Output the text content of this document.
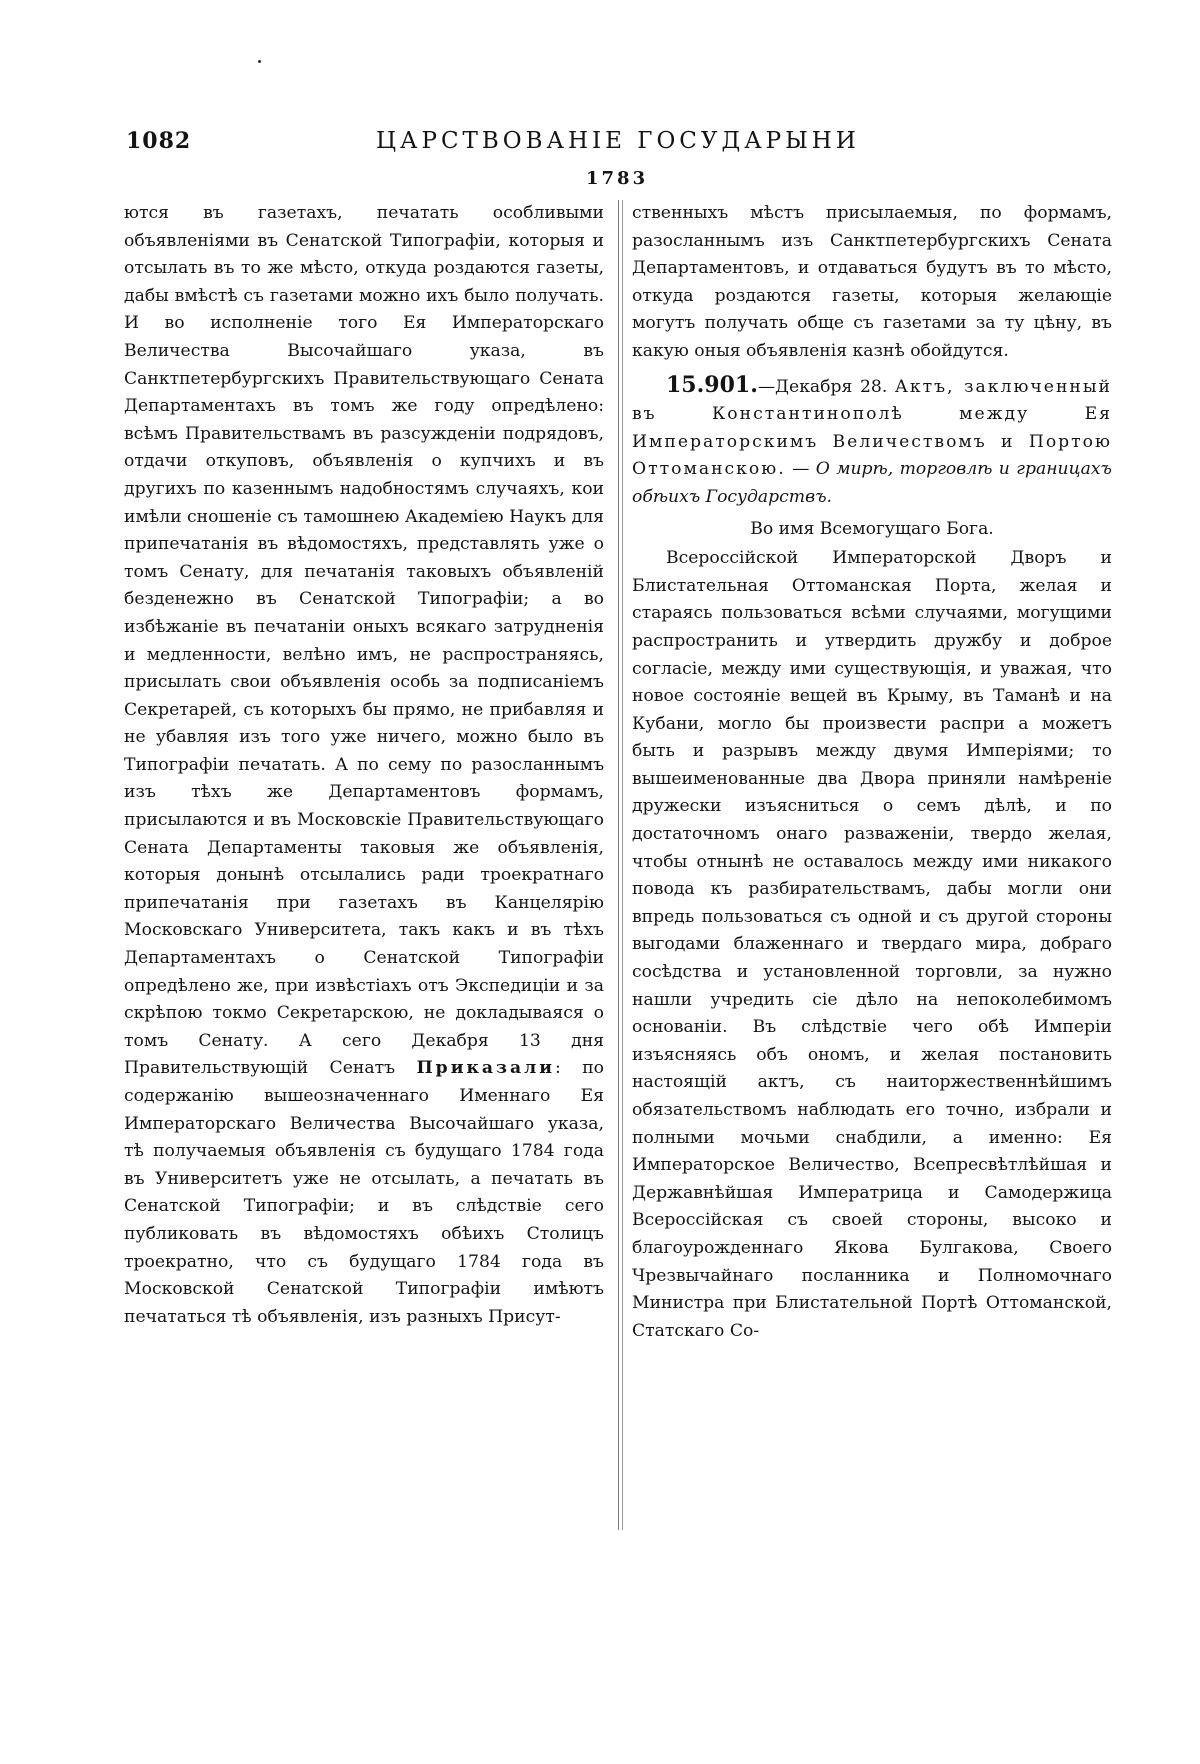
1082	ЦАРСТВОВАНІЕ ГОСУДАРЫНИ
1783

ются въ газетахъ, печатать особливыми объявленіями въ Сенатской Типографіи, которыя и отсылать въ то же мѣсто, откуда роздаются газеты, дабы вмѣстѣ съ газетами можно ихъ было получать. И во исполненіе того Ея Императорскаго Величества Высочайшаго указа, въ Санктпетербургскихъ Правительствующаго Сената Департаментахъ въ томъ же году опредѣлено: всѣмъ Правительствамъ въ разсужденіи подрядовъ, отдачи откуповъ, объявленія о купчихъ и въ другихъ по казеннымъ надобностямъ случаяхъ, кои имѣли сношеніе съ тамошнею Академіею Наукъ для припечатанія въ вѣдомостяхъ, представлять уже о томъ Сенату, для печатанія таковыхъ объявленій безденежно въ Сенатской Типографіи; а во избѣжаніе въ печатаніи оныхъ всякаго затрудненія и медленности, велѣно имъ, не распространяясь, присылать свои объявленія особь за подписаніемъ Секретарей, съ которыхъ бы прямо, не прибавляя и не убавляя изъ того уже ничего, можно было въ Типографіи печатать. А по сему по разосланнымъ изъ тѣхъ же Департаментовъ формамъ, присылаются и въ Московскіе Правительствующаго Сената Департаменты таковыя же объявленія, которыя донынѣ отсылались ради троекратнаго припечатанія при газетахъ въ Канцелярію Московскаго Университета, такъ какъ и въ тѣхъ Департаментахъ о Сенатской Типографіи опредѣлено же, при извѣстіахъ отъ Экспедиціи и за скрѣпою токмо Секретарскою, не докладываяся о томъ Сенату. А сего Декабря 13 дня Правительствующій Сенатъ Приказали: по содержанію вышеозначеннаго Именнаго Ея Императорскаго Величества Высочайшаго указа, тѣ получаемыя объявленія съ будущаго 1784 года въ Университетъ уже не отсылать, а печатать въ Сенатской Типографіи; и въ слѣдствіе сего публиковать въ вѣдомостяхъ обѣихъ Столицъ троекратно, что съ будущаго 1784 года въ Московской Сенатской Типографіи имѣютъ печататься тѣ объявленія, изъ разныхъ Присут-

ственныхъ мѣстъ присылаемыя, по формамъ, разосланнымъ изъ Санктпетербургскихъ Сената Департаментовъ, и отдаваться будутъ въ то мѣсто, откуда роздаются газеты, которыя желающіе могутъ получать обще съ газетами за ту цѣну, въ какую оныя объявленія казнѣ обойдутся.

15.901.—Декабря 28. Актъ, заключенный въ Константинополѣ между Ея Императорскимъ Величествомъ и Портою Оттоманскою. — О мирѣ, торговлѣ и границахъ обѣихъ Государствъ.

Во имя Всемогущаго Бога.

Всероссійской Императорской Дворъ и Блистательная Оттоманская Порта, желая и стараясь пользоваться всѣми случаями, могущими распространить и утвердить дружбу и доброе согласіе, между ими существующія, и уважая, что новое состояніе вещей въ Крыму, въ Таманѣ и на Кубани, могло бы произвести распри а можетъ быть и разрывъ между двумя Имперіями; то вышеименованные два Двора приняли намѣреніе дружески изъясниться о семъ дѣлѣ, и по достаточномъ онаго разваженіи, твердо желая, чтобы отнынѣ не оставалось между ими никакого повода къ разбирательствамъ, дабы могли они впредь пользоваться съ одной и съ другой стороны выгодами блаженнаго и твердаго мира, добраго сосѣдства и установленной торговли, за нужно нашли учредить сіе дѣло на непоколебимомъ основаніи. Въ слѣдствіе чего обѣ Имперіи изъясняясь объ ономъ, и желая постановить настоящій актъ, съ наиторжественнѣйшимъ обязательствомъ наблюдать его точно, избрали и полными мочьми снабдили, а именно: Ея Императорское Величество, Всепресвѣтлѣйшая и Державнѣйшая Императрица и Самодержица Всероссійская съ своей стороны, высоко и благоурожденнаго Якова Булгакова, Своего Чрезвычайнаго посланника и Полномочнаго Министра при Блистательной Портѣ Оттоманской, Статскаго Со-
